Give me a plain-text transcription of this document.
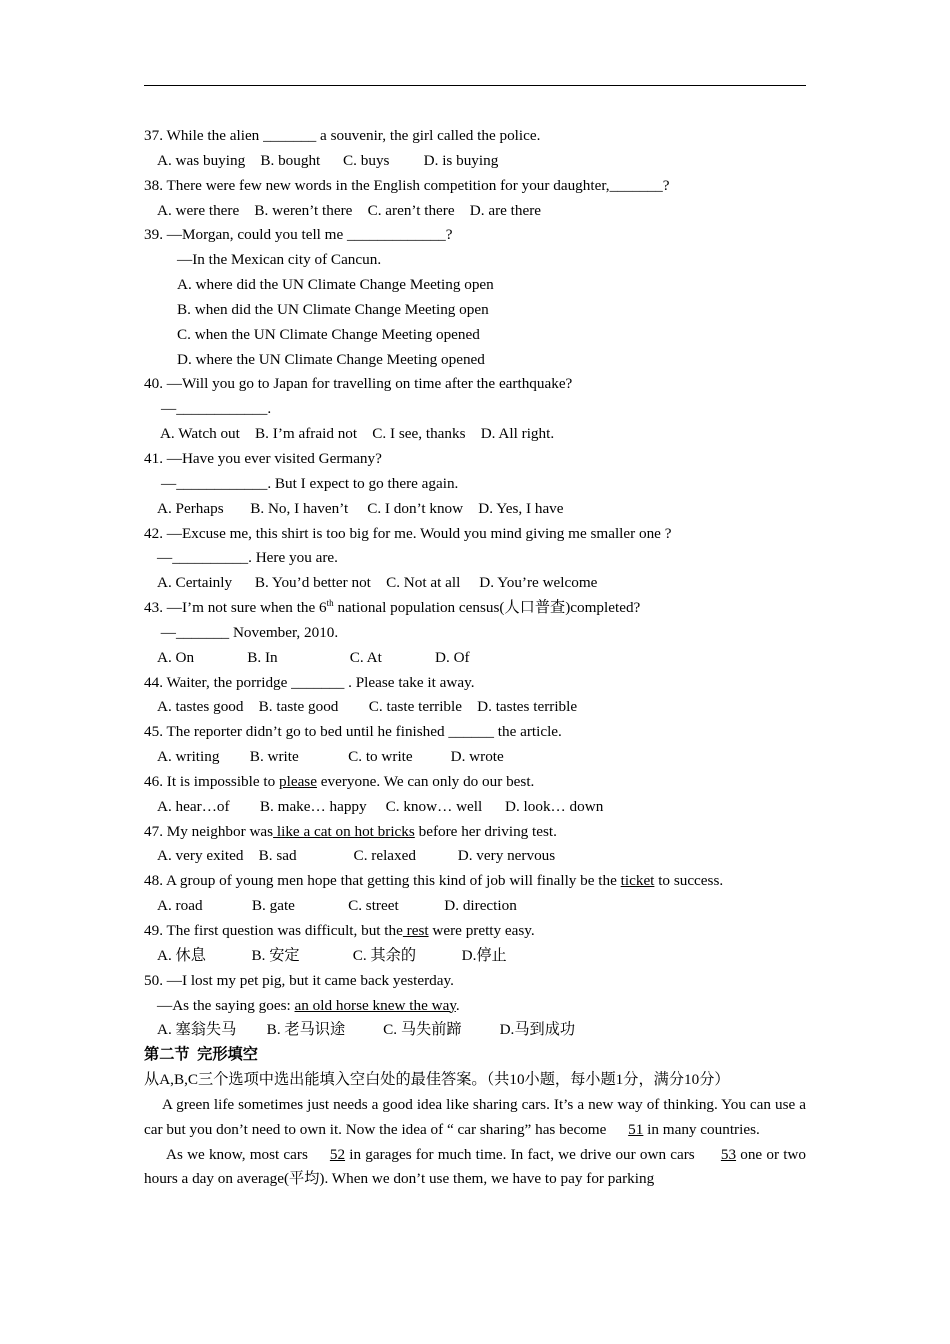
37. While the alien _______ a souvenir, the girl called the police.
A. was buying    B. bought      C. buys         D. is buying
38. There were few new words in the English competition for your daughter,_______?
A. were there    B. weren’t there    C. aren’t there    D. are there
39. —Morgan, could you tell me _____________?
—In the Mexican city of Cancun.
A. where did the UN Climate Change Meeting open
B. when did the UN Climate Change Meeting open
C. when the UN Climate Change Meeting opened
D. where the UN Climate Change Meeting opened
40. —Will you go to Japan for travelling on time after the earthquake?
—____________.
A. Watch out    B. I’m afraid not    C. I see, thanks    D. All right.
41. —Have you ever visited Germany?
—____________. But I expect to go there again.
A. Perhaps       B. No, I haven’t     C. I don’t know    D. Yes, I have
42. —Excuse me, this shirt is too big for me. Would you mind giving me smaller one ?
—__________. Here you are.
A. Certainly      B. You’d better not    C. Not at all     D. You’re welcome
43. —I’m not sure when the 6th national population census(人口普查)completed?
—_______ November, 2010.
A. On              B. In                   C. At              D. Of
44. Waiter, the porridge _______ . Please take it away.
A. tastes good    B. taste good        C. taste terrible    D. tastes terrible
45. The reporter didn’t go to bed until he finished ______ the article.
A. writing        B. write             C. to write          D. wrote
46. It is impossible to please everyone. We can only do our best.
A. hear…of        B. make… happy     C. know… well      D. look… down
47. My neighbor was like a cat on hot bricks before her driving test.
A. very exited    B. sad               C. relaxed           D. very nervous
48. A group of young men hope that getting this kind of job will finally be the ticket to success.
A. road             B. gate              C. street            D. direction
49. The first question was difficult, but the rest were pretty easy.
A. 休息            B. 安定              C. 其余的            D.停止
50. —I lost my pet pig, but it came back yesterday.
—As the saying goes: an old horse knew the way.
A. 塞翁失马        B. 老马识途          C. 马失前蹄          D.马到成功
第二节  完形填空
从A,B,C三个选项中选出能填入空白处的最佳答案。（共10小题，每小题1分，满分10分）
A green life sometimes just needs a good idea like sharing cars. It’s a new way of thinking. You can use a car but you don’t need to own it. Now the idea of “ car sharing” has become 51 in many countries.
As we know, most cars52 in garages for much time. In fact, we drive our own cars 53 one or two hours a day on average(平均). When we don’t use them, we have to pay for parking
